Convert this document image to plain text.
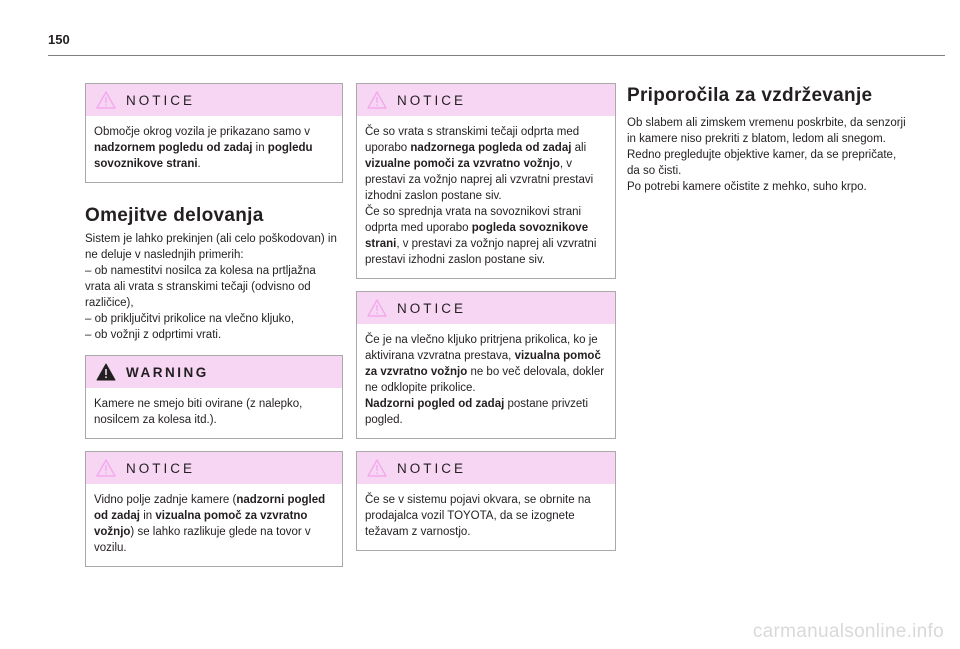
150
NOTICE
Območje okrog vozila je prikazano samo v nadzornem pogledu od zadaj in pogledu sovoznikove strani.
Omejitve delovanja

Sistem je lahko prekinjen (ali celo poškodovan) in ne deluje v naslednjih primerih:

– ob namestitvi nosilca za kolesa na prtljažna vrata ali vrata s stranskimi tečaji (odvisno od različice),

– ob priključitvi prikolice na vlečno kljuko,

– ob vožnji z odprtimi vrati.

WARNING
Kamere ne smejo biti ovirane (z nalepko, nosilcem za kolesa itd.).
NOTICE
Vidno polje zadnje kamere (nadzorni pogled od zadaj in vizualna pomoč za vzvratno vožnjo) se lahko razlikuje glede na tovor v vozilu.
NOTICE

Če so vrata s stranskimi tečaji odprta med uporabo nadzornega pogleda od zadaj ali vizualne pomoči za vzvratno vožnjo, v prestavi za vožnjo naprej ali vzvratni prestavi izhodni zaslon postane siv.

Če so sprednja vrata na sovoznikovi strani odprta med uporabo pogleda sovoznikove strani, v prestavi za vožnjo naprej ali vzvratni prestavi izhodni zaslon postane siv.

NOTICE

Če je na vlečno kljuko pritrjena prikolica, ko je aktivirana vzvratna prestava, vizualna pomoč za vzvratno vožnjo ne bo več delovala, dokler ne odklopite prikolice.

Nadzorni pogled od zadaj postane privzeti pogled.

NOTICE
Če se v sistemu pojavi okvara, se obrnite na prodajalca vozil TOYOTA, da se izognete težavam z varnostjo.
Priporočila za vzdrževanje

Ob slabem ali zimskem vremenu poskrbite, da senzorji in kamere niso prekriti z blatom, ledom ali snegom.

Redno pregledujte objektive kamer, da se prepričate, da so čisti.

Po potrebi kamere očistite z mehko, suho krpo.

carmanualsonline.info
